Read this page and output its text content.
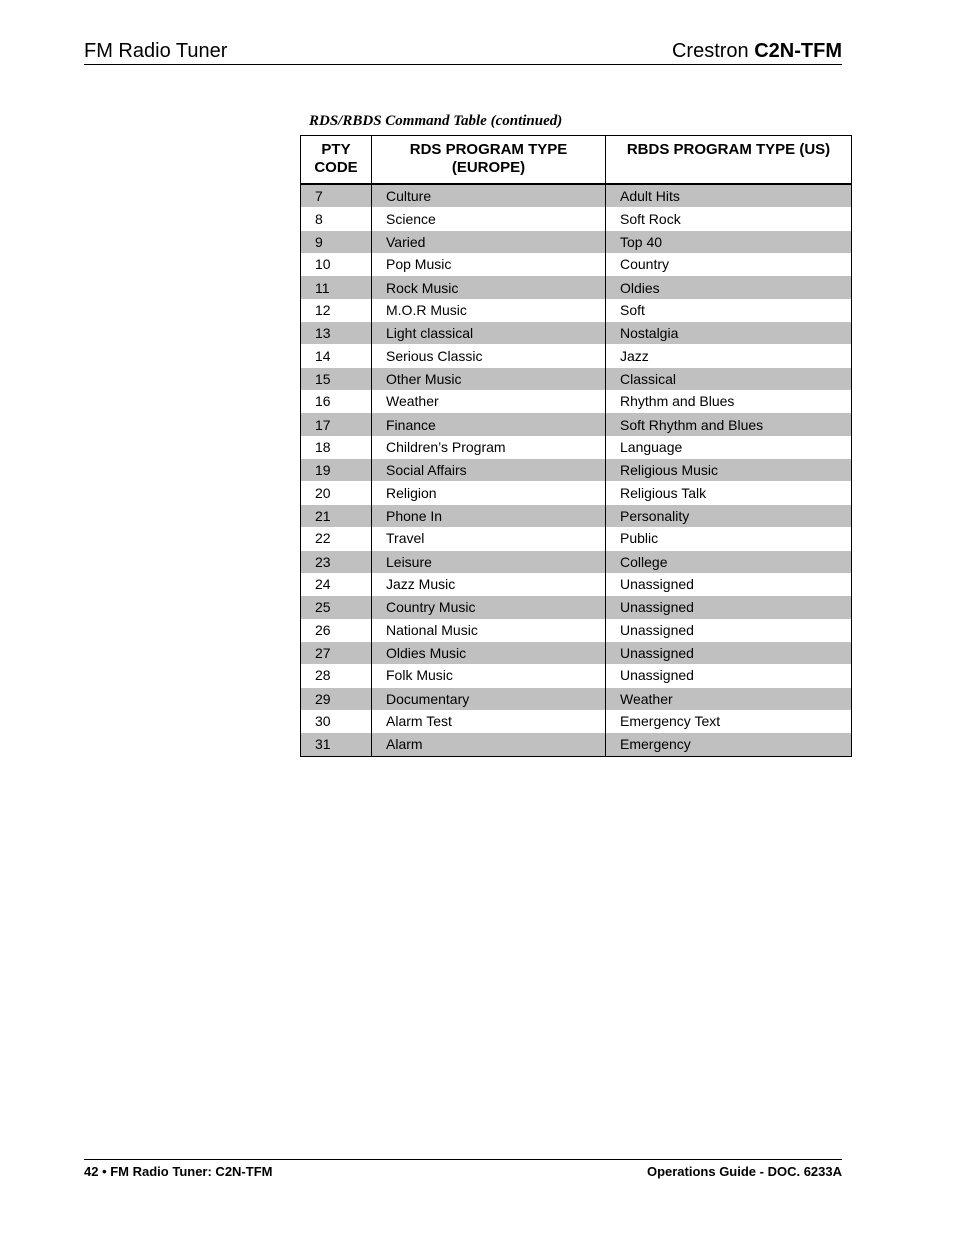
FM Radio Tuner	Crestron C2N-TFM
RDS/RBDS Command Table (continued)
PTY CODE	RDS PROGRAM TYPE (EUROPE)	RBDS PROGRAM TYPE (US)
7	Culture	Adult Hits
8	Science	Soft Rock
9	Varied	Top 40
10	Pop Music	Country
11	Rock Music	Oldies
12	M.O.R Music	Soft
13	Light classical	Nostalgia
14	Serious Classic	Jazz
15	Other Music	Classical
16	Weather	Rhythm and Blues
17	Finance	Soft Rhythm and Blues
18	Children’s Program	Language
19	Social Affairs	Religious Music
20	Religion	Religious Talk
21	Phone In	Personality
22	Travel	Public
23	Leisure	College
24	Jazz Music	Unassigned
25	Country Music	Unassigned
26	National Music	Unassigned
27	Oldies Music	Unassigned
28	Folk Music	Unassigned
29	Documentary	Weather
30	Alarm Test	Emergency Text
31	Alarm	Emergency
42 • FM Radio Tuner: C2N-TFM	Operations Guide - DOC. 6233A
